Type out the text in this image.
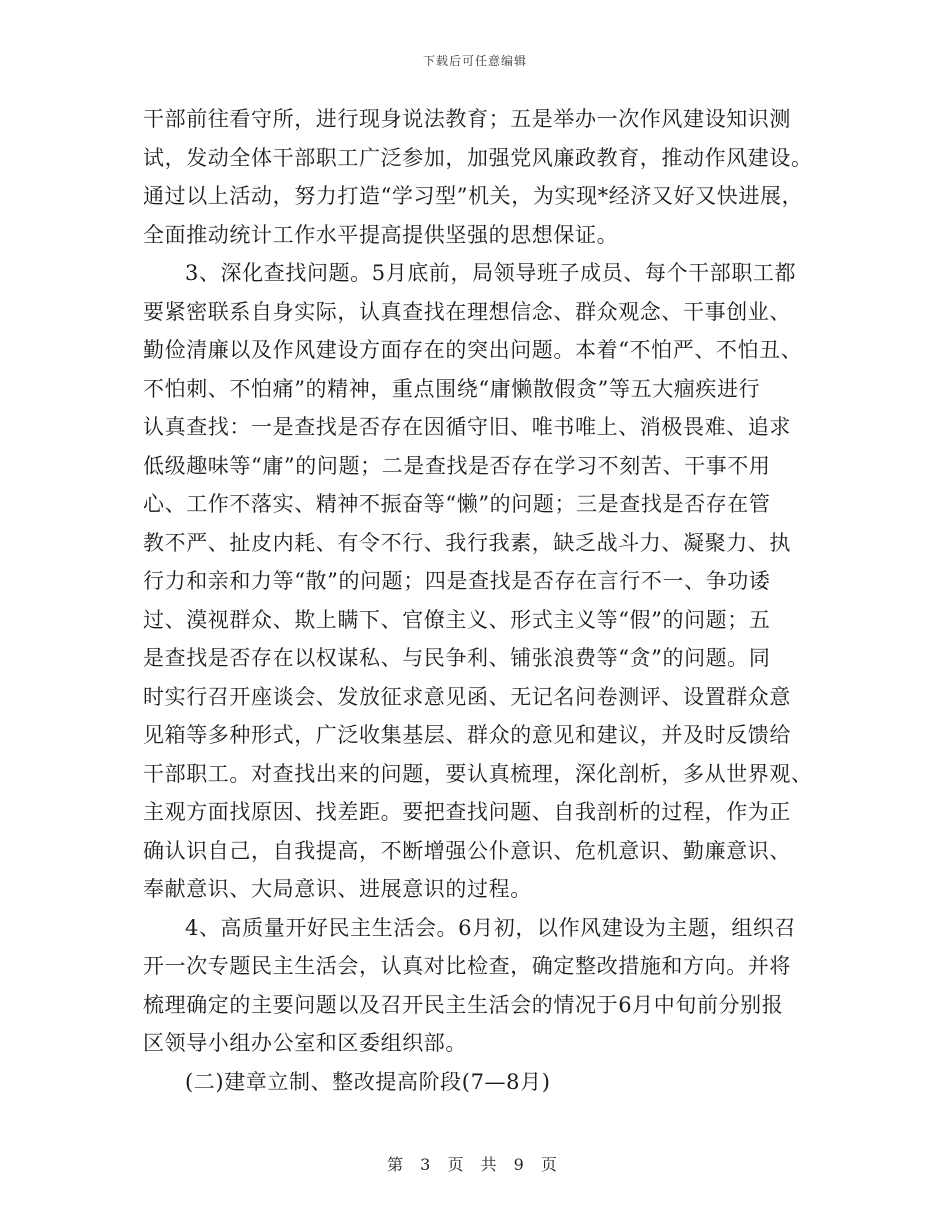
下载后可任意编辑
干部前往看守所，进行现身说法教育；五是举办一次作风建设知识测
试，发动全体干部职工广泛参加，加强党风廉政教育，推动作风建设。
通过以上活动，努力打造“学习型”机关，为实现*经济又好又快进展，
全面推动统计工作水平提高提供坚强的思想保证。
3、深化查找问题。5月底前，局领导班子成员、每个干部职工都
要紧密联系自身实际，认真查找在理想信念、群众观念、干事创业、
勤俭清廉以及作风建设方面存在的突出问题。本着“不怕严、不怕丑、
不怕刺、不怕痛”的精神，重点围绕“庸懒散假贪”等五大痼疾进行
认真查找：一是查找是否存在因循守旧、唯书唯上、消极畏难、追求
低级趣味等“庸”的问题；二是查找是否存在学习不刻苦、干事不用
心、工作不落实、精神不振奋等“懒”的问题；三是查找是否存在管
教不严、扯皮内耗、有令不行、我行我素，缺乏战斗力、凝聚力、执
行力和亲和力等“散”的问题；四是查找是否存在言行不一、争功诿
过、漠视群众、欺上瞒下、官僚主义、形式主义等“假”的问题；五
是查找是否存在以权谋私、与民争利、铺张浪费等“贪”的问题。同
时实行召开座谈会、发放征求意见函、无记名问卷测评、设置群众意
见箱等多种形式，广泛收集基层、群众的意见和建议，并及时反馈给
干部职工。对查找出来的问题，要认真梳理，深化剖析，多从世界观、
主观方面找原因、找差距。要把查找问题、自我剖析的过程，作为正
确认识自己，自我提高，不断增强公仆意识、危机意识、勤廉意识、
奉献意识、大局意识、进展意识的过程。
4、高质量开好民主生活会。6月初，以作风建设为主题，组织召
开一次专题民主生活会，认真对比检查，确定整改措施和方向。并将
梳理确定的主要问题以及召开民主生活会的情况于6月中旬前分别报
区领导小组办公室和区委组织部。
(二)建章立制、整改提高阶段(7—8月)
第 3 页 共 9 页
